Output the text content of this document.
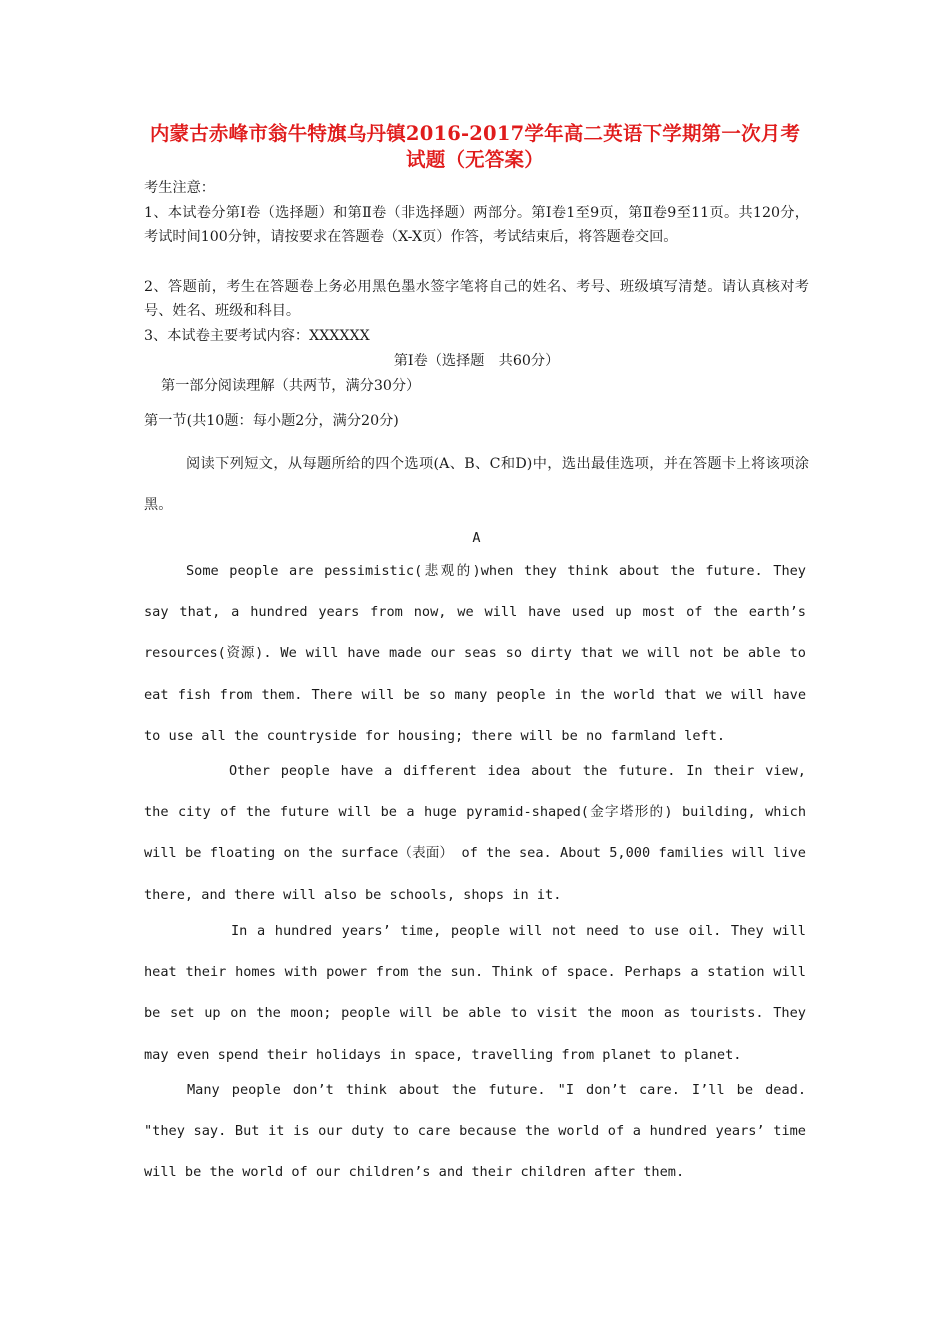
内蒙古赤峰市翁牛特旗乌丹镇2016-2017学年高二英语下学期第一次月考试题（无答案）
考生注意：
1、本试卷分第Ⅰ卷（选择题）和第Ⅱ卷（非选择题）两部分。第Ⅰ卷1至9页，第Ⅱ卷9至11页。共120分，考试时间100分钟，请按要求在答题卷（X-X页）作答，考试结束后，将答题卷交回。
2、答题前，考生在答题卷上务必用黑色墨水签字笔将自己的姓名、考号、班级填写清楚。请认真核对考号、姓名、班级和科目。
3、本试卷主要考试内容：XXXXXX
第Ⅰ卷（选择题　共60分）
第一部分阅读理解（共两节，满分30分）
第一节(共10题：每小题2分，满分20分)
阅读下列短文，从每题所给的四个选项(A、B、C和D)中，选出最佳选项，并在答题卡上将该项涂黑。
A

Some people are pessimistic(悲观的)when they think about the future. They say that, a hundred years from now, we will have used up most of the earth’s resources(资源). We will have made our seas so dirty that we will not be able to eat fish from them. There will be so many people in the world that we will have to use all the countryside for housing; there will be no farmland left.

Other people have a different idea about the future. In their view, the city of the future will be a huge pyramid-shaped(金字塔形的) building, which will be floating on the surface（表面） of the sea. About 5,000 families will live there, and there will also be schools, shops in it.

In a hundred years’ time, people will not need to use oil. They will heat their homes with power from the sun. Think of space. Perhaps a station will be set up on the moon; people will be able to visit the moon as tourists. They may even spend their holidays in space, travelling from planet to planet.

Many people don’t think about the future. "I don’t care. I’ll be dead. "they say. But it is our duty to care because the world of a hundred years’ time will be the world of our children’s and their children after them.
